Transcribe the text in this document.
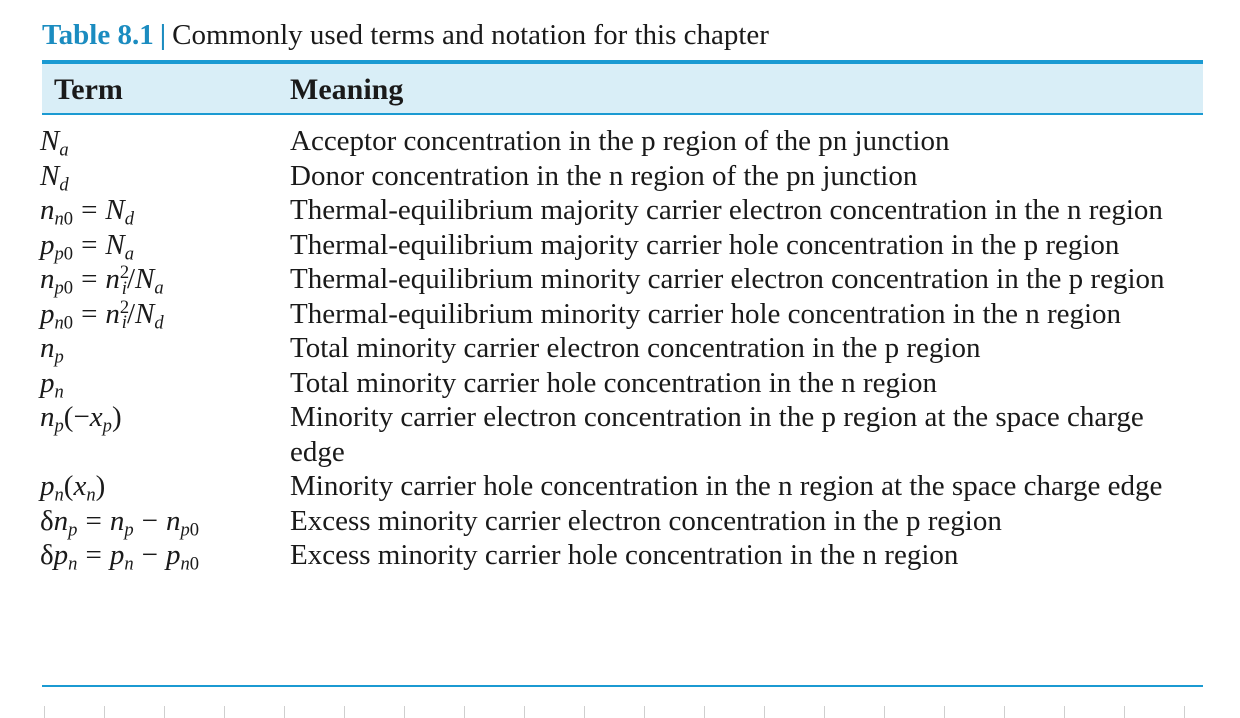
Table 8.1 | Commonly used terms and notation for this chapter
Term	Meaning
$N_a$	Acceptor concentration in the p region of the pn junction
$N_d$	Donor concentration in the n region of the pn junction
$n_{n0} = N_d$	Thermal-equilibrium majority carrier electron concentration in the n region
$p_{p0} = N_a$	Thermal-equilibrium majority carrier hole concentration in the p region
$n_{p0} = n^2_i/N_a$	Thermal-equilibrium minority carrier electron concentration in the p region
$p_{n0} = n^2_i/N_d$	Thermal-equilibrium minority carrier hole concentration in the n region
$n_p$	Total minority carrier electron concentration in the p region
$p_n$	Total minority carrier hole concentration in the n region
$n_p(-x_p)$	Minority carrier electron concentration in the p region at the space charge edge
$p_n(x_n)$	Minority carrier hole concentration in the n region at the space charge edge
$\delta n_p = n_p - n_{p0}$	Excess minority carrier electron concentration in the p region
$\delta p_n = p_n - p_{n0}$	Excess minority carrier hole concentration in the n region
